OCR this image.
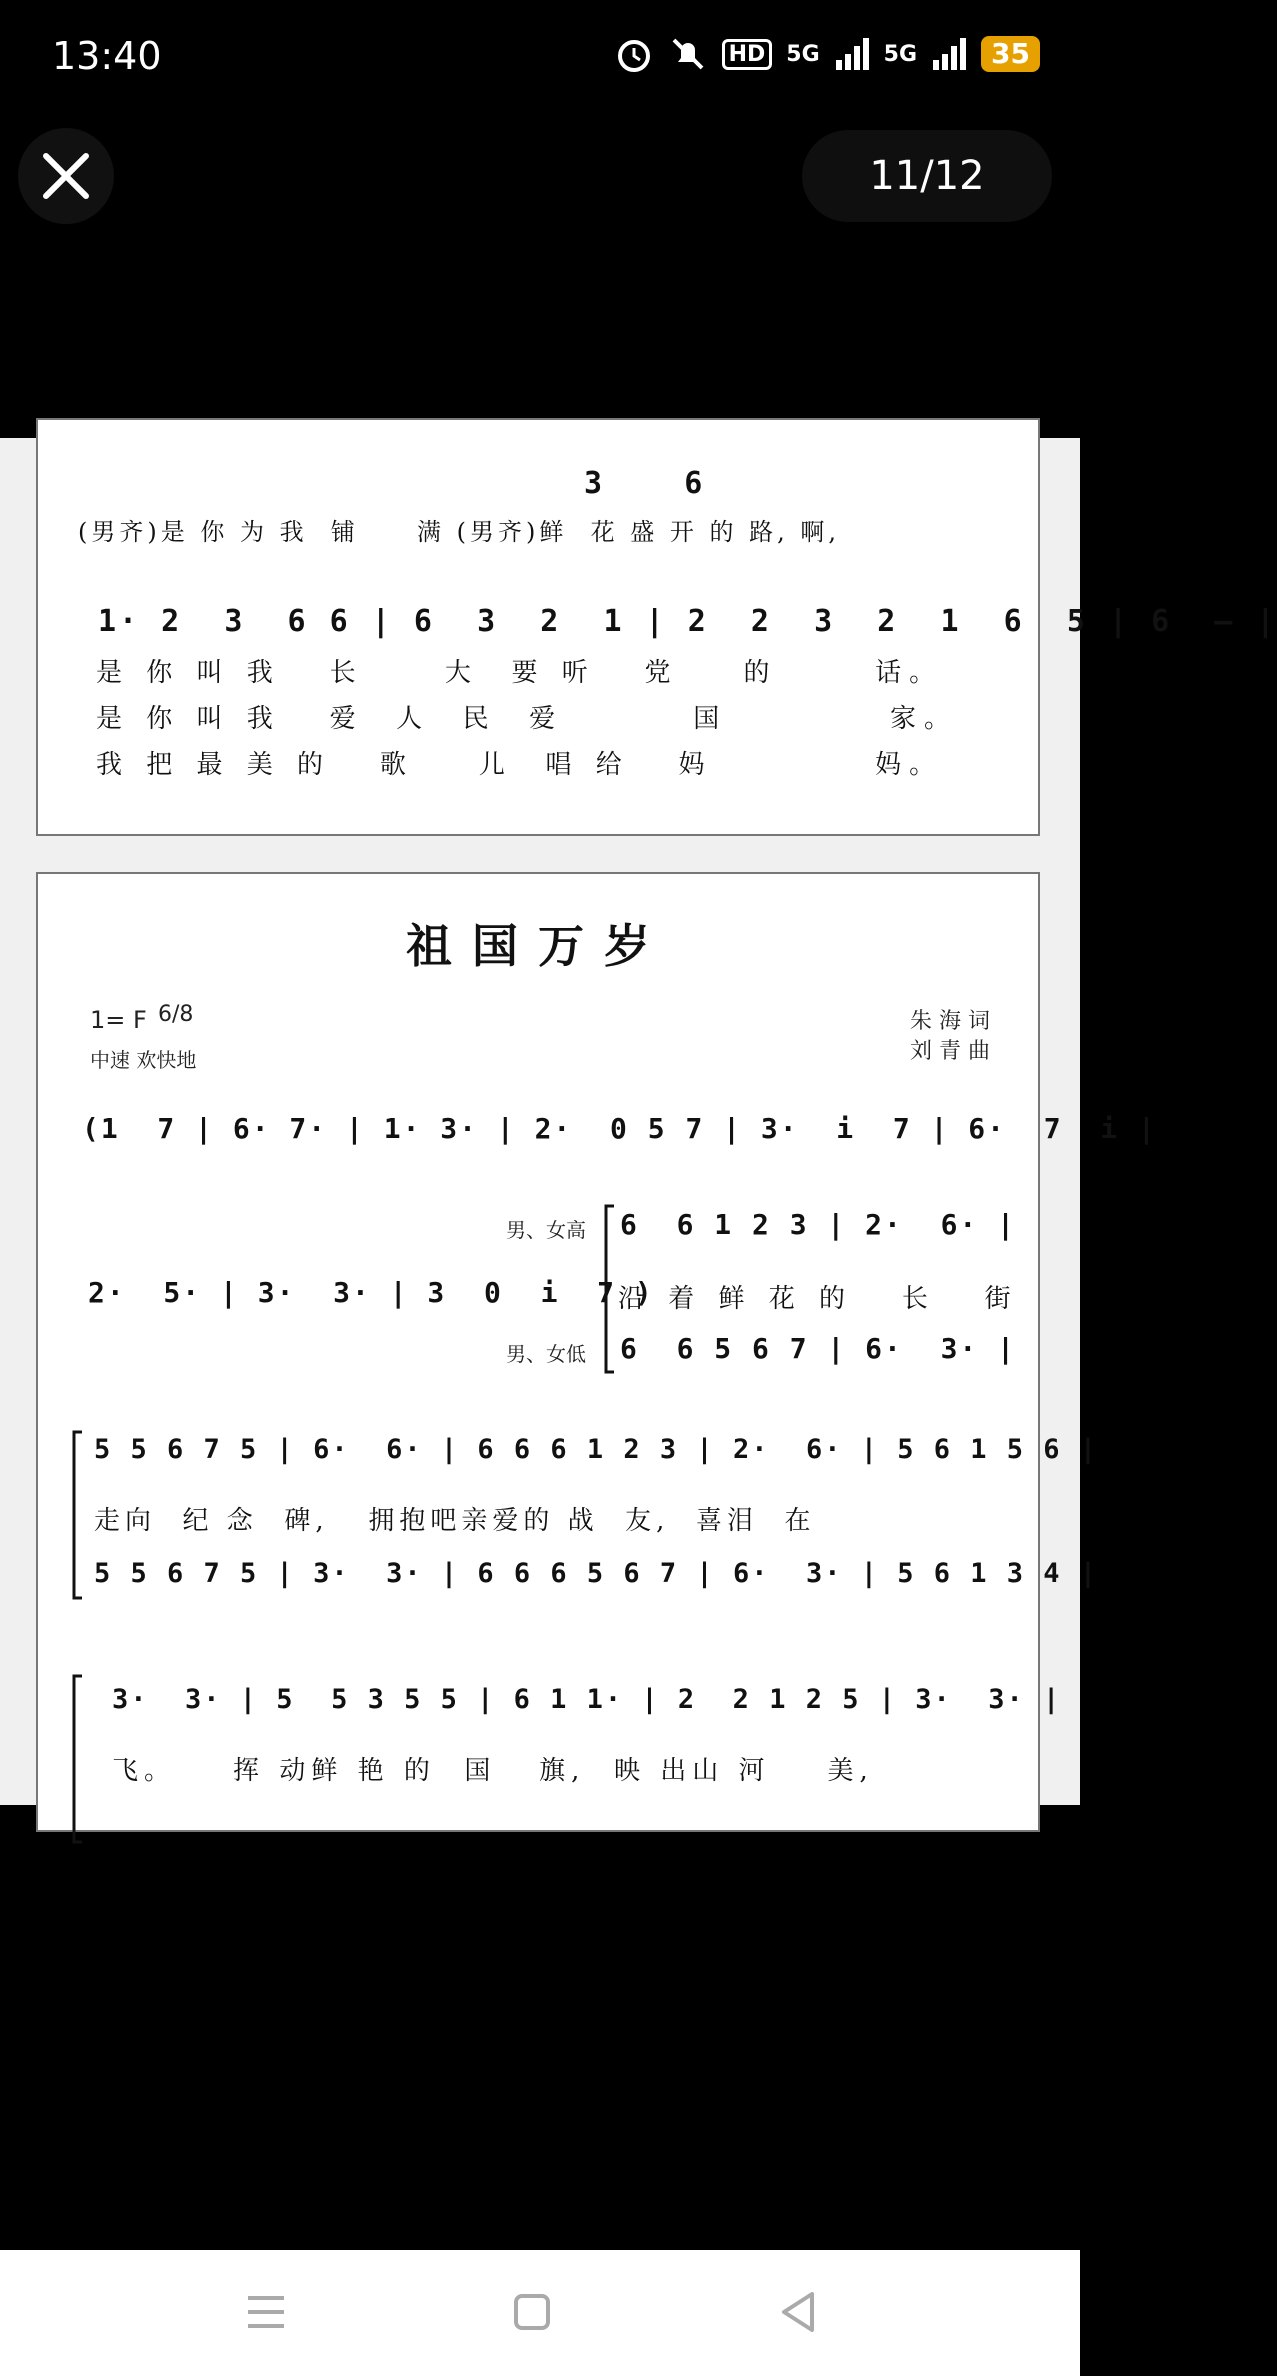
13:40	HD 5G	5G	35
11/12
3    6
(男齐)是 你 为 我  铺     满 (男齐)鲜  花 盛 开 的 路, 啊,
1· 2  3  6 6 | 6  3  2  1 | 2  2  3  2  1  6  5 | 6  — |
是 你 叫 我   长     大  要 听   党    的      话。
是 你 叫 我   爱  人  民  爱        国          家。
我 把 最 美 的   歌    儿  唱 给   妈          妈。
祖国万岁
1= F 6/8
中速 欢快地
朱 海 词
刘 青 曲
(1  7 | 6· 7· | 1· 3· | 2·  0 5 7 | 3·  i  7 | 6·  7  i |
男、女高 6  6 1 2 3 | 2·  6· |
2·  5· | 3·  3· | 3  0  i  7 )
沿 着 鲜 花 的   长   街
男、女低 6  6 5 6 7 | 6·  3· |
5 5 6 7 5 | 6·  6· | 6 6 6 1 2 3 | 2·  6· | 5 6 1 5 6 |
走向  纪 念  碑,   拥抱吧亲爱的 战  友,  喜泪  在
5 5 6 7 5 | 3·  3· | 6 6 6 5 6 7 | 6·  3· | 5 6 1 3 4 |
3·  3· | 5  5 3 5 5 | 6 1 1· | 2  2 1 2 5 | 3·  3· |
飞。    挥 动鲜 艳 的  国   旗,  映 出山 河    美,
